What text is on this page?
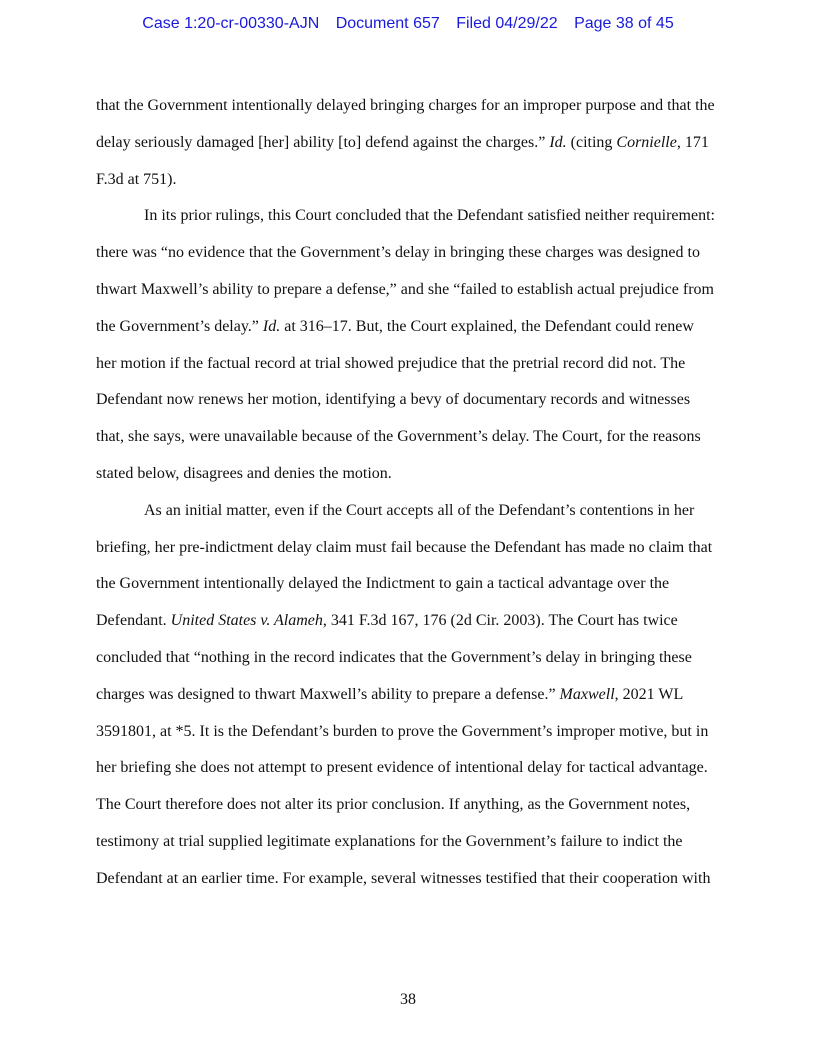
Case 1:20-cr-00330-AJN Document 657 Filed 04/29/22 Page 38 of 45
that the Government intentionally delayed bringing charges for an improper purpose and that the
delay seriously damaged [her] ability [to] defend against the charges.” Id. (citing Cornielle, 171
F.3d at 751).
In its prior rulings, this Court concluded that the Defendant satisfied neither requirement:
there was “no evidence that the Government’s delay in bringing these charges was designed to
thwart Maxwell’s ability to prepare a defense,” and she “failed to establish actual prejudice from
the Government’s delay.” Id. at 316–17. But, the Court explained, the Defendant could renew
her motion if the factual record at trial showed prejudice that the pretrial record did not. The
Defendant now renews her motion, identifying a bevy of documentary records and witnesses
that, she says, were unavailable because of the Government’s delay. The Court, for the reasons
stated below, disagrees and denies the motion.
As an initial matter, even if the Court accepts all of the Defendant’s contentions in her
briefing, her pre-indictment delay claim must fail because the Defendant has made no claim that
the Government intentionally delayed the Indictment to gain a tactical advantage over the
Defendant. United States v. Alameh, 341 F.3d 167, 176 (2d Cir. 2003). The Court has twice
concluded that “nothing in the record indicates that the Government’s delay in bringing these
charges was designed to thwart Maxwell’s ability to prepare a defense.” Maxwell, 2021 WL
3591801, at *5. It is the Defendant’s burden to prove the Government’s improper motive, but in
her briefing she does not attempt to present evidence of intentional delay for tactical advantage.
The Court therefore does not alter its prior conclusion. If anything, as the Government notes,
testimony at trial supplied legitimate explanations for the Government’s failure to indict the
Defendant at an earlier time. For example, several witnesses testified that their cooperation with
38
